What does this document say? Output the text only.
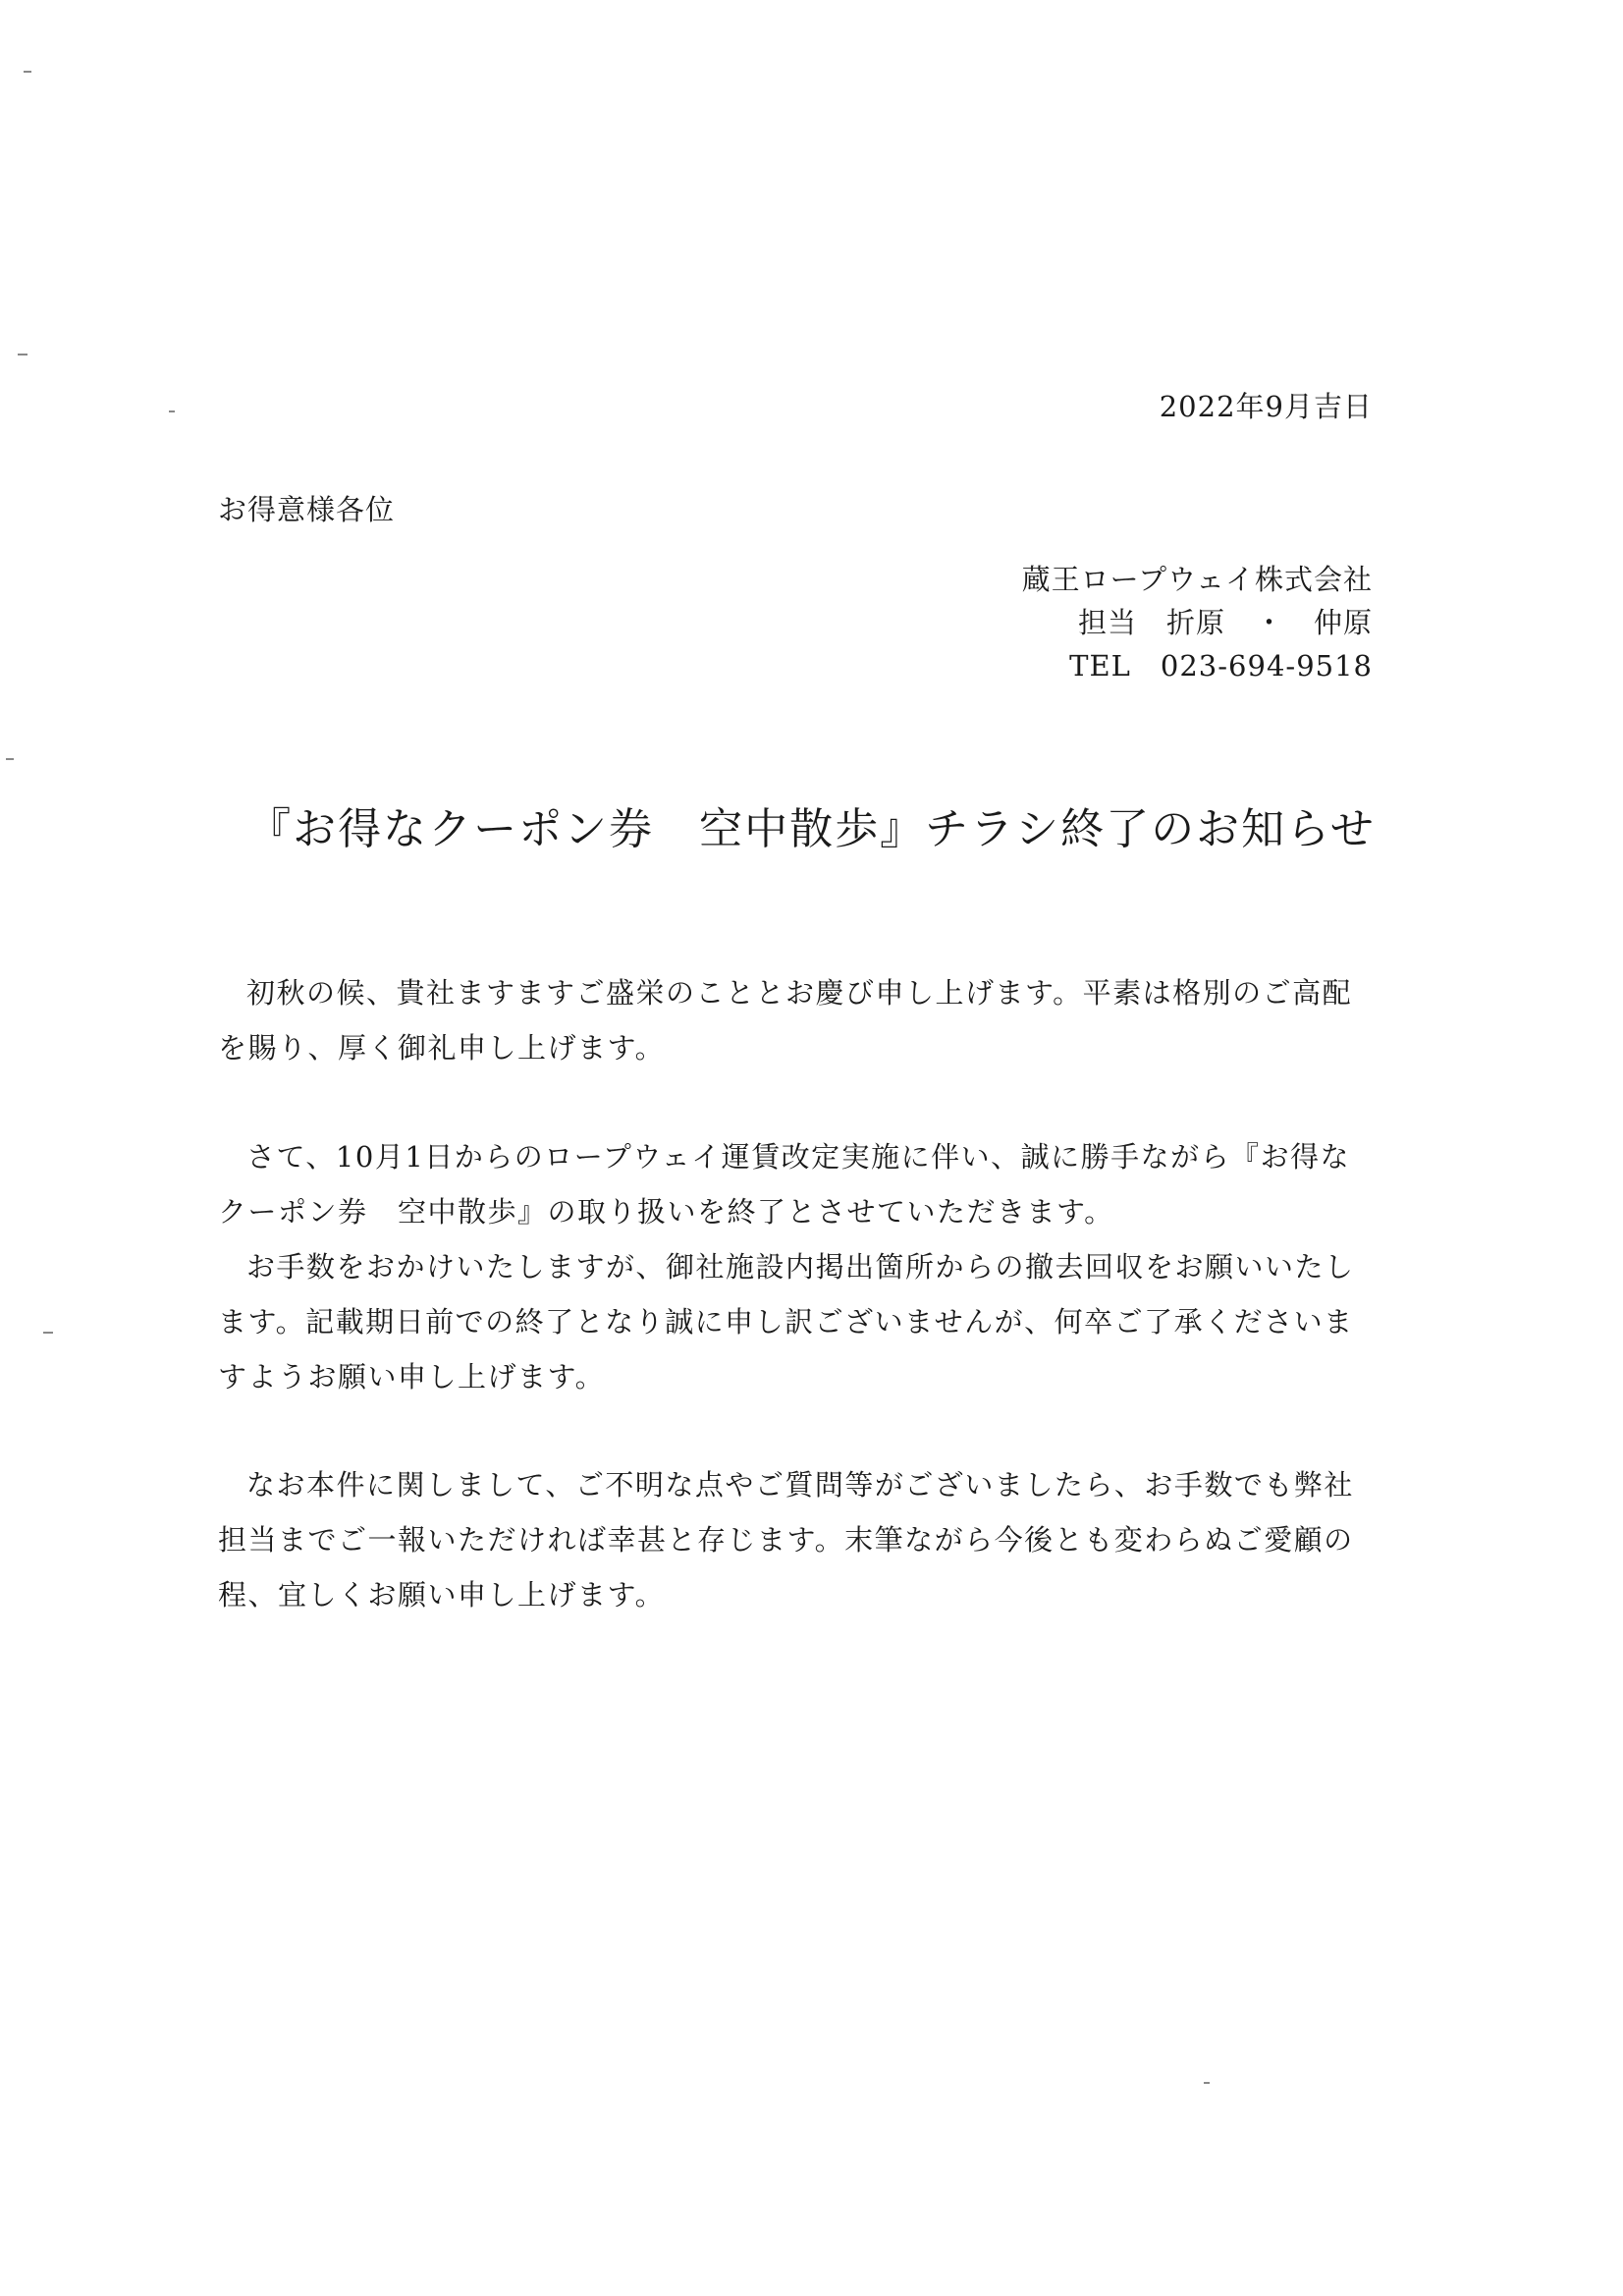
2022年9月吉日
お得意様各位
蔵王ロープウェイ株式会社
担当　折原　・　仲原
TEL　023-694-9518
『お得なクーポン券　空中散歩』チラシ終了のお知らせ

初秋の候、貴社ますますご盛栄のこととお慶び申し上げます。平素は格別のご高配を賜り、厚く御礼申し上げます。

さて、10月1日からのロープウェイ運賃改定実施に伴い、誠に勝手ながら『お得なクーポン券　空中散歩』の取り扱いを終了とさせていただきます。

お手数をおかけいたしますが、御社施設内掲出箇所からの撤去回収をお願いいたします。記載期日前での終了となり誠に申し訳ございませんが、何卒ご了承くださいますようお願い申し上げます。

なお本件に関しまして、ご不明な点やご質問等がございましたら、お手数でも弊社担当までご一報いただければ幸甚と存じます。末筆ながら今後とも変わらぬご愛顧の程、宜しくお願い申し上げます。
